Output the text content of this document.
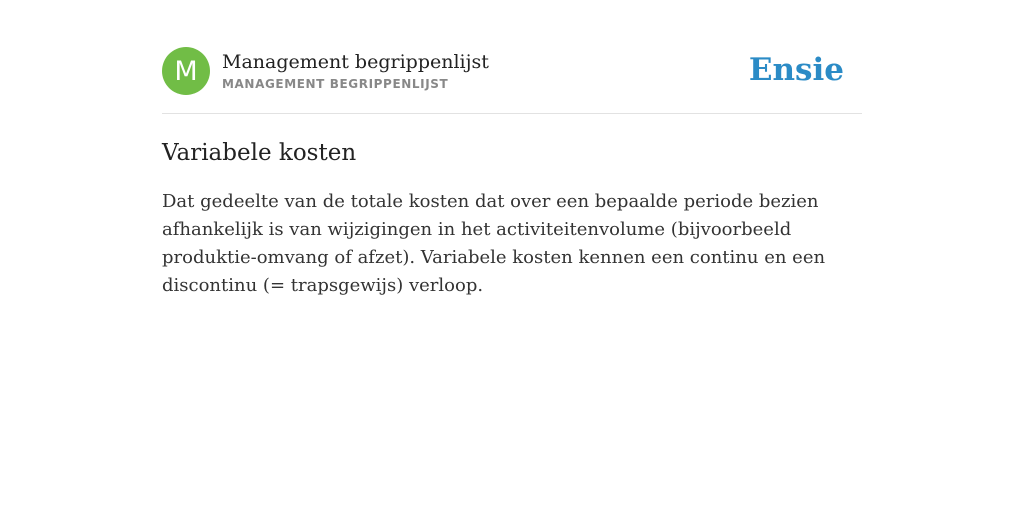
M	Management begrippenlijst
MANAGEMENT BEGRIPPENLIJST	Ensie
Variabele kosten
Dat gedeelte van de totale kosten dat over een bepaalde periode bezien afhankelijk is van wijzigingen in het activiteitenvolume (bijvoorbeeld produktie-omvang of afzet). Variabele kosten kennen een continu en een discontinu (= trapsgewijs) verloop.
